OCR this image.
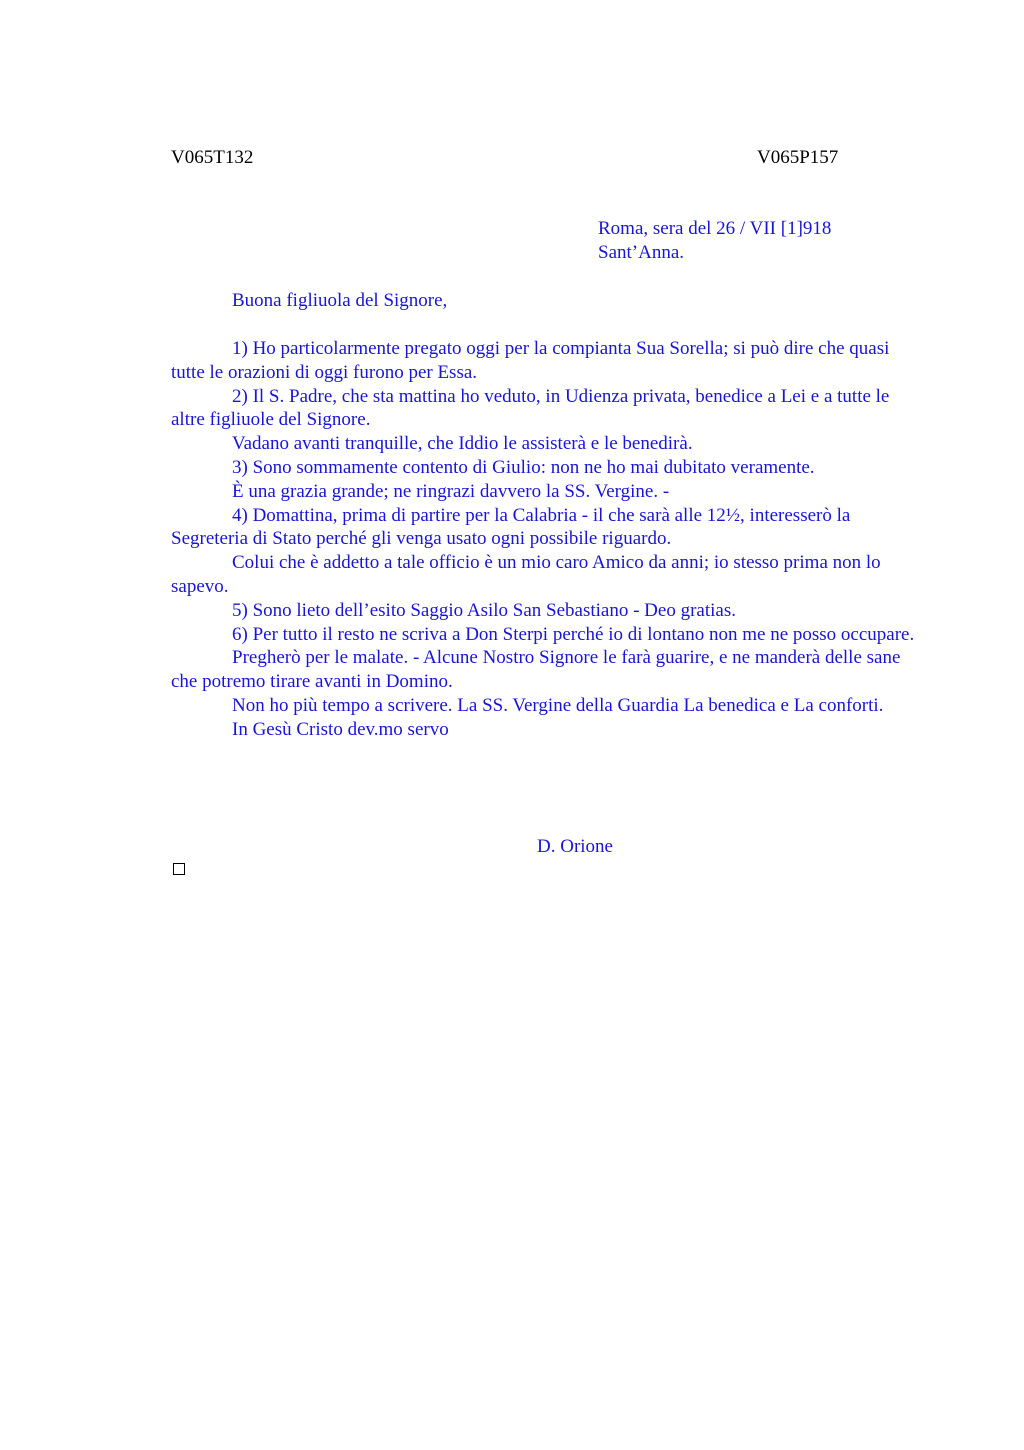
V065T132	V065P157
Roma, sera del 26 / VII [1]918
Sant’Anna.
Buona figliuola del Signore,

1) Ho particolarmente pregato oggi per la compianta Sua Sorella; si può dire che quasi tutte le orazioni di oggi furono per Essa.

2) Il S. Padre, che sta mattina ho veduto, in Udienza privata, benedice a Lei e a tutte le altre figliuole del Signore.

Vadano avanti tranquille, che Iddio le assisterà e le benedirà.

3) Sono sommamente contento di Giulio: non ne ho mai dubitato veramente.

È una grazia grande; ne ringrazi davvero la SS. Vergine. -

4) Domattina, prima di partire per la Calabria - il che sarà alle 12½, interesserò la Segreteria di Stato perché gli venga usato ogni possibile riguardo.

Colui che è addetto a tale officio è un mio caro Amico da anni; io stesso prima non lo sapevo.

5) Sono lieto dell’esito Saggio Asilo San Sebastiano - Deo gratias.

6) Per tutto il resto ne scriva a Don Sterpi perché io di lontano non me ne posso occupare.

Pregherò per le malate. - Alcune Nostro Signore le farà guarire, e ne manderà delle sane che potremo tirare avanti in Domino.

Non ho più tempo a scrivere. La SS. Vergine della Guardia La benedica e La conforti.

In Gesù Cristo dev.mo servo

D. Orione
